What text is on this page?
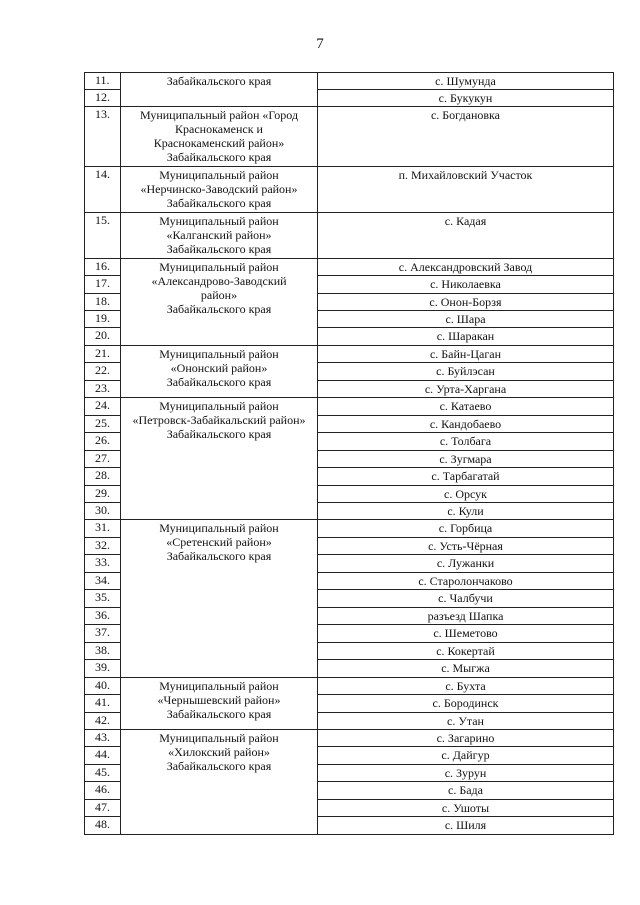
7
11.	Забайкальского края	с. Шумунда
12.		с. Букукун
13.	Муниципальный район «Город
Краснокаменск и
Краснокаменский район»
Забайкальского края	с. Богдановка
14.	Муниципальный район
«Нерчинско-Заводский район»
Забайкальского края	п. Михайловский Участок
15.	Муниципальный район
«Калганский район»
Забайкальского края	с. Кадая
16.	Муниципальный район
«Александрово-Заводский
район»
Забайкальского края	с. Александровский Завод
17.		с. Николаевка
18.		с. Онон-Борзя
19.		с. Шара
20.		с. Шаракан
21.	Муниципальный район
«Ононский район»
Забайкальского края	с. Байн-Цаган
22.		с. Буйлэсан
23.		с. Урта-Харгана
24.	Муниципальный район
«Петровск-Забайкальский район»
Забайкальского края	с. Катаево
25.		с. Кандобаево
26.		с. Толбага
27.		с. Зугмара
28.		с. Тарбагатай
29.		с. Орсук
30.		с. Кули
31.	Муниципальный район
«Сретенский район»
Забайкальского края	с. Горбица
32.		с. Усть-Чёрная
33.		с. Лужанки
34.		с. Старолончаково
35.		с. Чалбучи
36.		разъезд Шапка
37.		с. Шеметово
38.		с. Кокертай
39.		с. Мыгжа
40.	Муниципальный район
«Чернышевский район»
Забайкальского края	с. Бухта
41.		с. Бородинск
42.		с. Утан
43.	Муниципальный район
«Хилокский район»
Забайкальского края	с. Загарино
44.		с. Дайгур
45.		с. Зурун
46.		с. Бада
47.		с. Ушоты
48.		с. Шиля
